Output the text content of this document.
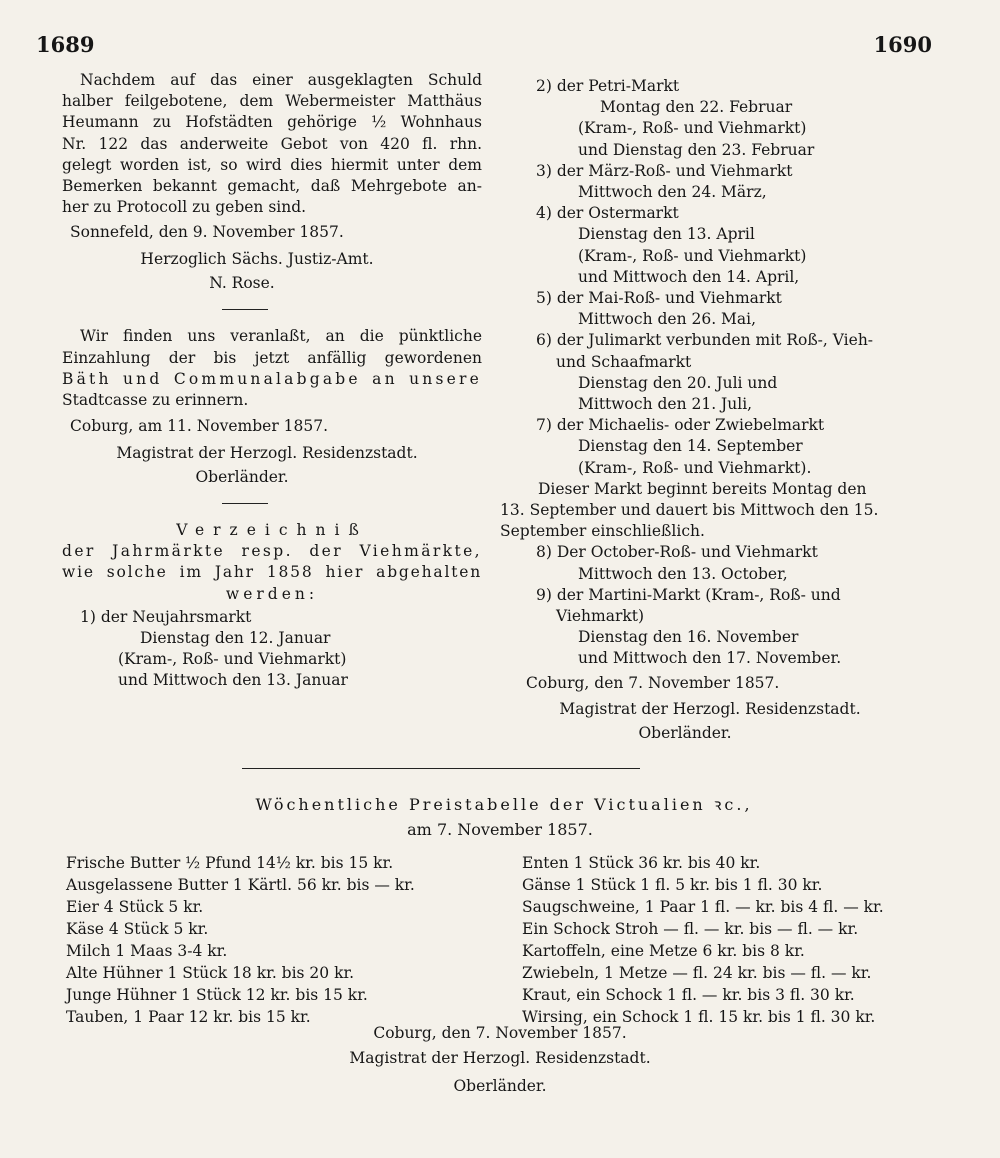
1689	1690

Nachdem auf das einer ausgeklagten Schuld

halber feilgebotene, dem Webermeister Matthäus

Heumann zu Hofstädten gehörige ½ Wohnhaus

Nr. 122 das anderweite Gebot von 420 fl. rhn.

gelegt worden ist, so wird dies hiermit unter dem

Bemerken bekannt gemacht, daß Mehrgebote an-

her zu Protocoll zu geben sind.

Sonnefeld, den 9. November 1857.
Herzoglich Sächs. Justiz-Amt.
N. Rose.

Wir finden uns veranlaßt, an die pünktliche

Einzahlung der bis jetzt anfällig gewordenen

Bäth und Communalabgabe an unsere

Stadtcasse zu erinnern.

Coburg, am 11. November 1857.
Magistrat der Herzogl. Residenzstadt.
Oberländer.
Verzeichniß

der Jahrmärkte resp. der Viehmärkte,

wie solche im Jahr 1858 hier abgehalten

werden:
1) der Neujahrsmarkt
Dienstag den 12. Januar
(Kram-, Roß- und Viehmarkt)
und Mittwoch den 13. Januar
2) der Petri-Markt
Montag den 22. Februar
(Kram-, Roß- und Viehmarkt)
und Dienstag den 23. Februar
3) der März-Roß- und Viehmarkt
Mittwoch den 24. März,
4) der Ostermarkt
Dienstag den 13. April
(Kram-, Roß- und Viehmarkt)
und Mittwoch den 14. April,
5) der Mai-Roß- und Viehmarkt
Mittwoch den 26. Mai,
6) der Julimarkt verbunden mit Roß-, Vieh-
und Schaafmarkt
Dienstag den 20. Juli und
Mittwoch den 21. Juli,
7) der Michaelis- oder Zwiebelmarkt
Dienstag den 14. September
(Kram-, Roß- und Viehmarkt).
Dieser Markt beginnt bereits Montag den
13. September und dauert bis Mittwoch den 15.
September einschließlich.
8) Der October-Roß- und Viehmarkt
Mittwoch den 13. October,
9) der Martini-Markt (Kram-, Roß- und
Viehmarkt)
Dienstag den 16. November
und Mittwoch den 17. November.
Coburg, den 7. November 1857.
Magistrat der Herzogl. Residenzstadt.
Oberländer.
Wöchentliche Preistabelle der Victualien ꝛc.,
am 7. November 1857.
Frische Butter ½ Pfund 14½ kr. bis 15 kr.
Ausgelassene Butter 1 Kärtl. 56 kr. bis — kr.
Eier 4 Stück 5 kr.
Käse 4 Stück 5 kr.
Milch 1 Maas 3-4 kr.
Alte Hühner 1 Stück 18 kr. bis 20 kr.
Junge Hühner 1 Stück 12 kr. bis 15 kr.
Tauben, 1 Paar 12 kr. bis 15 kr.
Enten 1 Stück 36 kr. bis 40 kr.
Gänse 1 Stück 1 fl. 5 kr. bis 1 fl. 30 kr.
Saugschweine, 1 Paar 1 fl. — kr. bis 4 fl. — kr.
Ein Schock Stroh — fl. — kr. bis — fl. — kr.
Kartoffeln, eine Metze 6 kr. bis 8 kr.
Zwiebeln, 1 Metze — fl. 24 kr. bis — fl. — kr.
Kraut, ein Schock 1 fl. — kr. bis 3 fl. 30 kr.
Wirsing, ein Schock 1 fl. 15 kr. bis 1 fl. 30 kr.
Coburg, den 7. November 1857.
Magistrat der Herzogl. Residenzstadt.
Oberländer.
